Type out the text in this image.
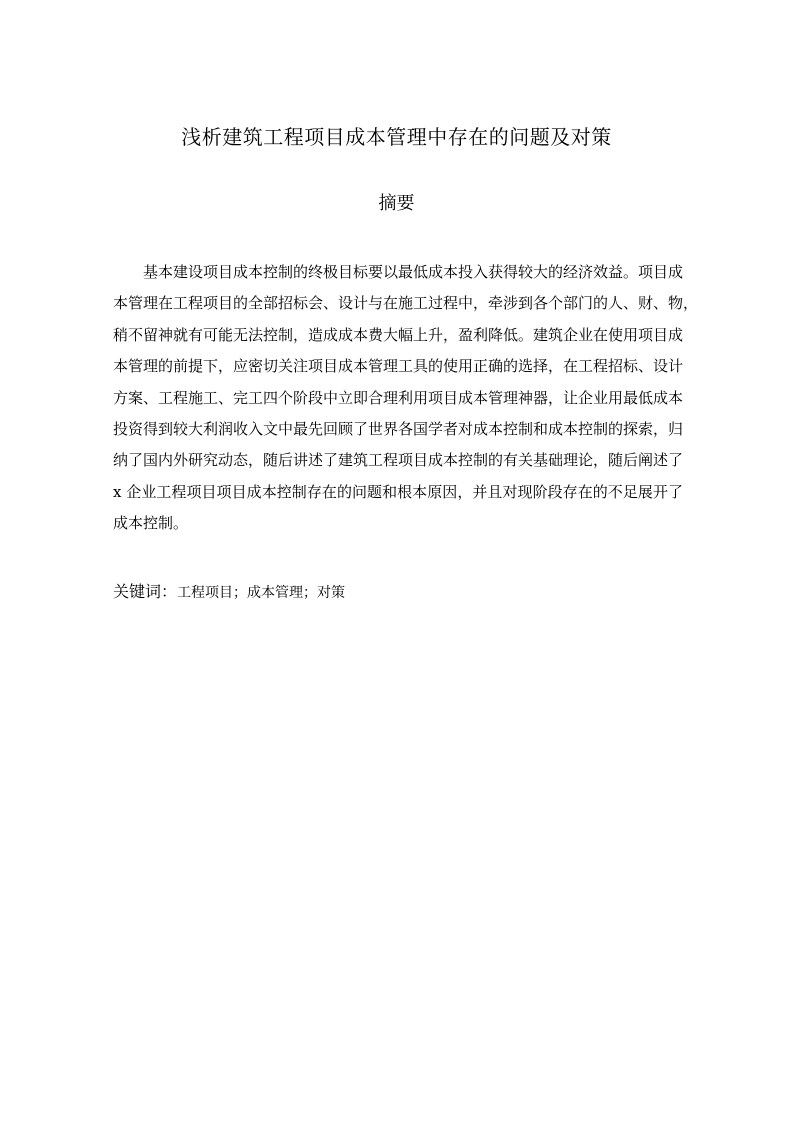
浅析建筑工程项目成本管理中存在的问题及对策
摘要
基本建设项目成本控制的终极目标要以最低成本投入获得较大的经济效益。项目成
本管理在工程项目的全部招标会、设计与在施工过程中，牵涉到各个部门的人、财、物，
稍不留神就有可能无法控制，造成成本费大幅上升，盈利降低。建筑企业在使用项目成
本管理的前提下，应密切关注项目成本管理工具的使用正确的选择，在工程招标、设计
方案、工程施工、完工四个阶段中立即合理利用项目成本管理神器，让企业用最低成本
投资得到较大利润收入文中最先回顾了世界各国学者对成本控制和成本控制的探索，归
纳了国内外研究动态，随后讲述了建筑工程项目成本控制的有关基础理论，随后阐述了
x 企业工程项目项目成本控制存在的问题和根本原因，并且对现阶段存在的不足展开了
成本控制。
关键词：工程项目；成本管理；对策
